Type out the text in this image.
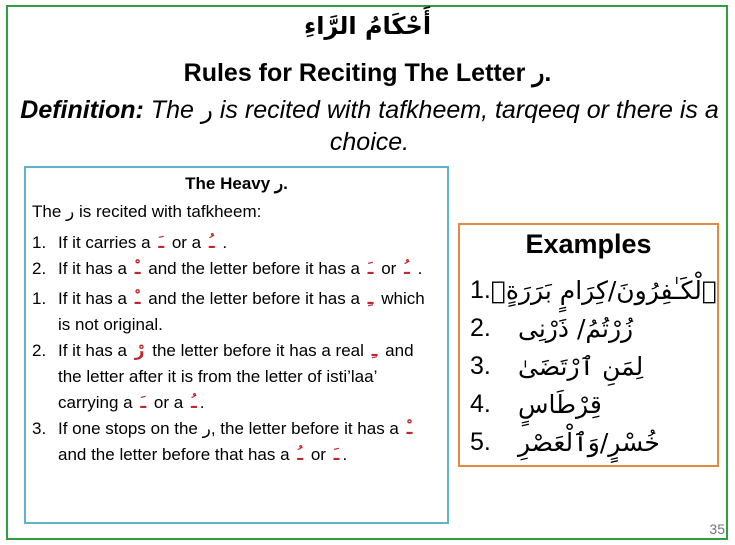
أَحْكَامُ الرَّاءِ
Rules for Reciting The Letter ر.
Definition: The ر is recited with tafkheem, tarqeeq or there is a choice.
The Heavy ر.
The ر is recited with tafkheem:
1. If it carries a ـَ or a ـُ .
2. If it has a ـْ and the letter before it has a ـَ or ـُ .
1. If it has a ـْ and the letter before it has a ـِ which is not original.
2. If it has a رْ the letter before it has a real ـِ and the letter after it is from the letter of isti’laa’ carrying a ـَ or a ـُ .
3. If one stops on the ر, the letter before it has a ـْ and the letter before that has a ـُ or ـَ .
Examples
1. ٱلْكَـٰفِرُونَ/كِرَامٍ بَرَرَةٍۭ
2.	زُرْتُمُ/ ذَرْنِى
3.	لِمَنِ ٱرْتَضَىٰ
4.	قِرْطَاسٍ
5.	خُسْرٍ/وَٱلْعَصْرِ
35
